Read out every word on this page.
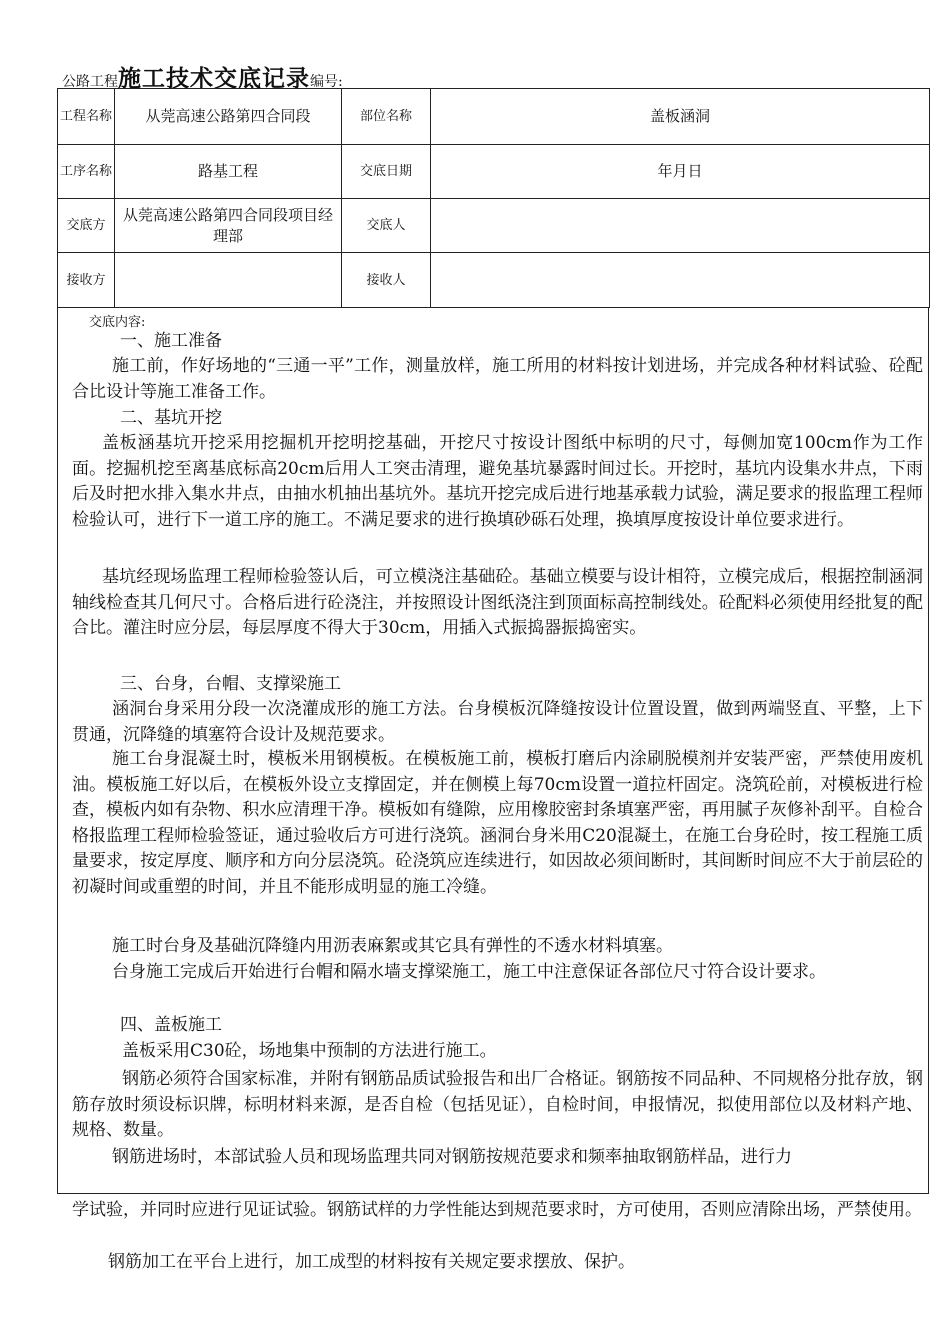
公路工程施工技术交底记录编号:
工程名称	从莞高速公路第四合同段	部位名称	盖板涵洞
工序名称	路基工程	交底日期	年月日
交底方	从莞高速公路第四合同段项目经理部	交底人	
接收方		接收人	
交底内容:

一、施工准备

施工前，作好场地的“三通一平”工作，测量放样，施工所用的材料按计划进场，并完成各种材料试验、砼配合比设计等施工准备工作。

二、基坑开挖

盖板涵基坑开挖采用挖掘机开挖明挖基础，开挖尺寸按设计图纸中标明的尺寸，每侧加宽100cm作为工作面。挖掘机挖至离基底标高20cm后用人工突击清理，避免基坑暴露时间过长。开挖时，基坑内设集水井点，下雨后及时把水排入集水井点，由抽水机抽出基坑外。基坑开挖完成后进行地基承载力试验，满足要求的报监理工程师检验认可，进行下一道工序的施工。不满足要求的进行换填砂砾石处理，换填厚度按设计单位要求进行。

基坑经现场监理工程师检验签认后，可立模浇注基础砼。基础立模要与设计相符，立模完成后，根据控制涵洞轴线检查其几何尺寸。合格后进行砼浇注，并按照设计图纸浇注到顶面标高控制线处。砼配料必须使用经批复的配合比。灌注时应分层，每层厚度不得大于30cm，用插入式振捣器振捣密实。

三、台身，台帽、支撑梁施工

涵洞台身采用分段一次浇灌成形的施工方法。台身模板沉降缝按设计位置设置，做到两端竖直、平整，上下贯通，沉降缝的填塞符合设计及规范要求。

施工台身混凝土时，模板米用钢模板。在模板施工前，模板打磨后内涂刷脱模剂并安装严密，严禁使用废机油。模板施工好以后，在模板外设立支撑固定，并在侧模上每70cm设置一道拉杆固定。浇筑砼前，对模板进行检查，模板内如有杂物、积水应清理干净。模板如有缝隙，应用橡胶密封条填塞严密，再用腻子灰修补刮平。自检合格报监理工程师检验签证，通过验收后方可进行浇筑。涵洞台身米用C20混凝土，在施工台身砼时，按工程施工质量要求，按定厚度、顺序和方向分层浇筑。砼浇筑应连续进行，如因故必须间断时，其间断时间应不大于前层砼的初凝时间或重塑的时间，并且不能形成明显的施工冷缝。

施工时台身及基础沉降缝内用沥表麻絮或其它具有弹性的不透水材料填塞。

台身施工完成后开始进行台帽和隔水墙支撑梁施工，施工中注意保证各部位尺寸符合设计要求。

四、盖板施工

盖板采用C30砼，场地集中预制的方法进行施工。

钢筋必须符合国家标准，并附有钢筋品质试验报告和出厂合格证。钢筋按不同品种、不同规格分批存放，钢筋存放时须设标识牌，标明材料来源，是否自检（包括见证），自检时间，申报情况，拟使用部位以及材料产地、规格、数量。

钢筋进场时，本部试验人员和现场监理共同对钢筋按规范要求和频率抽取钢筋样品，进行力

学试验，并同时应进行见证试验。钢筋试样的力学性能达到规范要求时，方可使用，否则应清除出场，严禁使用。

钢筋加工在平台上进行，加工成型的材料按有关规定要求摆放、保护。
